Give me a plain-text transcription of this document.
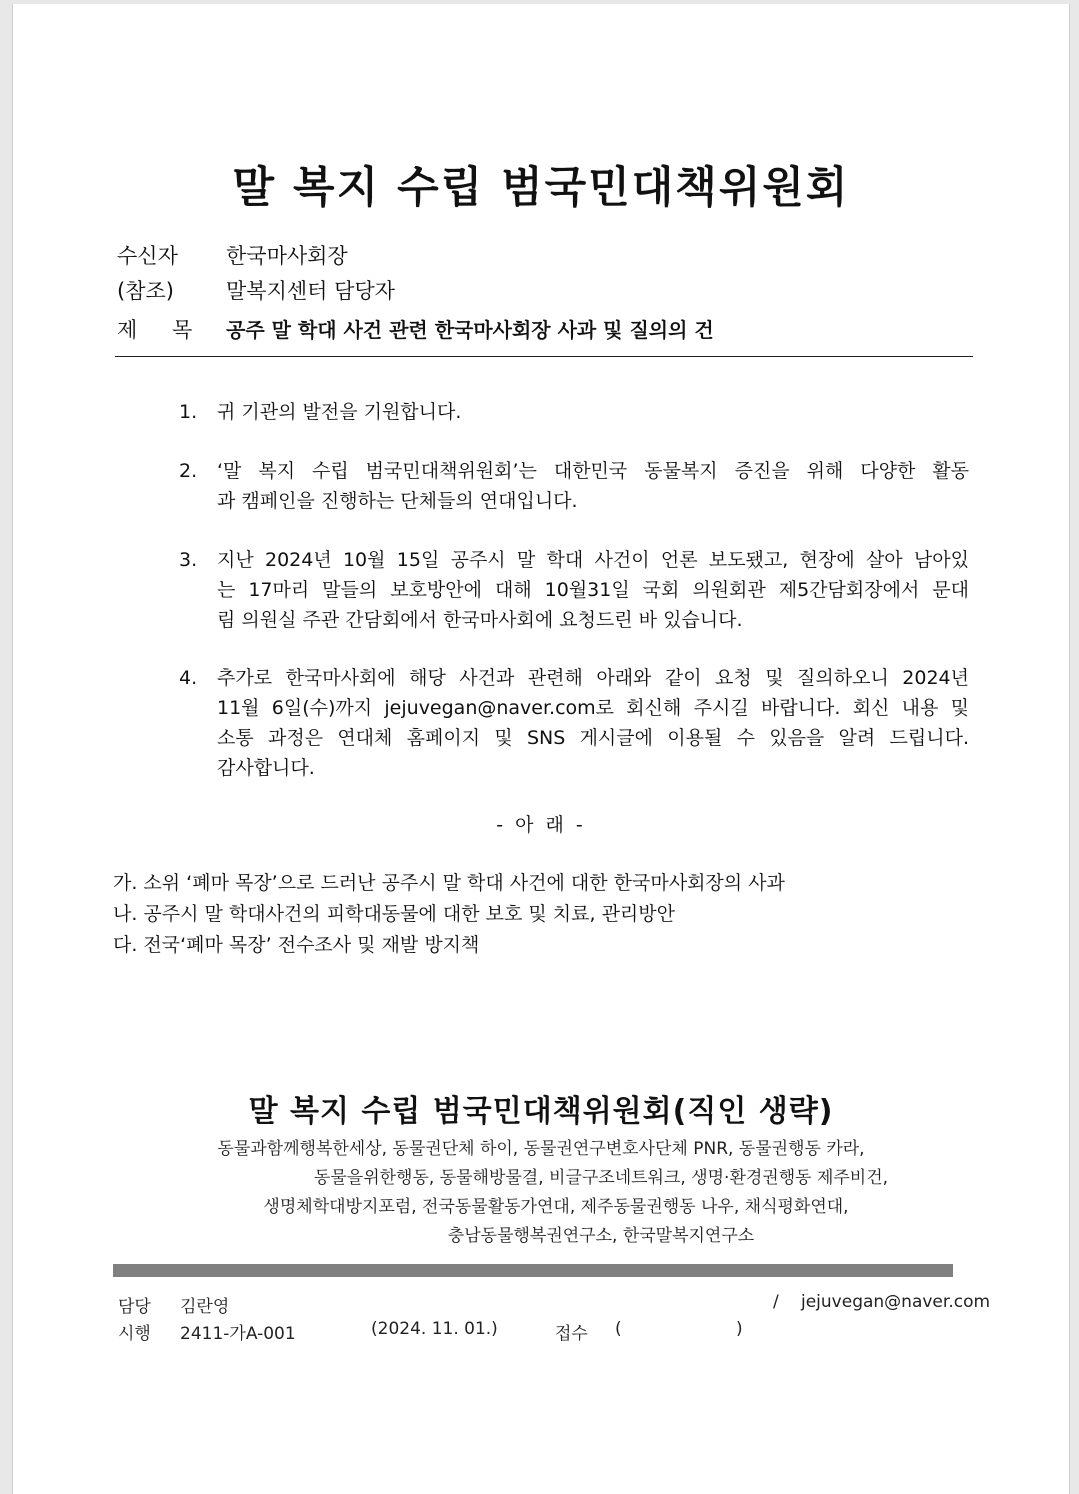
말 복지 수립 범국민대책위원회
수신자 한국마사회장
(참조) 말복지센터 담당자
제 목 공주 말 학대 사건 관련 한국마사회장 사과 및 질의의 건
1. 귀 기관의 발전을 기원합니다.
2. ‘말 복지 수립 범국민대책위원회’는 대한민국 동물복지 증진을 위해 다양한 활동
과 캠페인을 진행하는 단체들의 연대입니다.
3. 지난 2024년 10월 15일 공주시 말 학대 사건이 언론 보도됐고, 현장에 살아 남아있
는 17마리 말들의 보호방안에 대해 10월31일 국회 의원회관 제5간담회장에서 문대
림 의원실 주관 간담회에서 한국마사회에 요청드린 바 있습니다.
4. 추가로 한국마사회에 해당 사건과 관련해 아래와 같이 요청 및 질의하오니 2024년
11월 6일(수)까지 jejuvegan@naver.com로 회신해 주시길 바랍니다. 회신 내용 및
소통 과정은 연대체 홈페이지 및 SNS 게시글에 이용될 수 있음을 알려 드립니다.
감사합니다.
- 아 래 -
가. 소위 ‘폐마 목장’으로 드러난 공주시 말 학대 사건에 대한 한국마사회장의 사과
나. 공주시 말 학대사건의 피학대동물에 대한 보호 및 치료, 관리방안
다. 전국‘폐마 목장’ 전수조사 및 재발 방지책
말 복지 수립 범국민대책위원회(직인 생략)
동물과함께행복한세상, 동물권단체 하이, 동물권연구변호사단체 PNR, 동물권행동 카라,
동물을위한행동, 동물해방물결, 비글구조네트워크, 생명·환경권행동 제주비건,
생명체학대방지포럼, 전국동물활동가연대, 제주동물권행동 나우, 채식평화연대,
충남동물행복권연구소, 한국말복지연구소
담당 김란영	/ jejuvegan@naver.com
시행 2411-가A-001	(2024. 11. 01.)	접수 (	)
